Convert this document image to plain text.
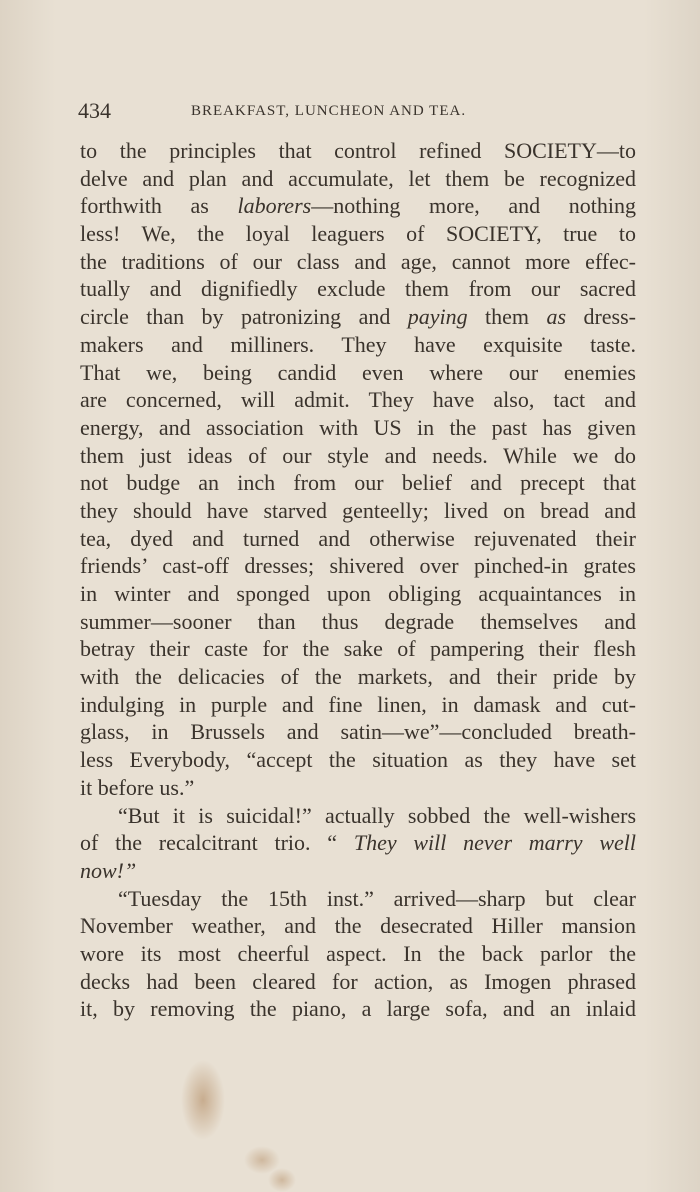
434	BREAKFAST, LUNCHEON AND TEA.
to the principles that control refined SOCIETY—to
delve and plan and accumulate, let them be recognized
forthwith as laborers—nothing more, and nothing
less! We, the loyal leaguers of SOCIETY, true to
the traditions of our class and age, cannot more effec-
tually and dignifiedly exclude them from our sacred
circle than by patronizing and paying them as dress-
makers and milliners. They have exquisite taste.
That we, being candid even where our enemies
are concerned, will admit. They have also, tact and
energy, and association with US in the past has given
them just ideas of our style and needs. While we do
not budge an inch from our belief and precept that
they should have starved genteelly; lived on bread and
tea, dyed and turned and otherwise rejuvenated their
friends’ cast-off dresses; shivered over pinched-in grates
in winter and sponged upon obliging acquaintances in
summer—sooner than thus degrade themselves and
betray their caste for the sake of pampering their flesh
with the delicacies of the markets, and their pride by
indulging in purple and fine linen, in damask and cut-
glass, in Brussels and satin—we”—concluded breath-
less Everybody, “accept the situation as they have set
it before us.”
“But it is suicidal!” actually sobbed the well-wishers
of the recalcitrant trio. “ They will never marry well
now!”
“Tuesday the 15th inst.” arrived—sharp but clear
November weather, and the desecrated Hiller mansion
wore its most cheerful aspect. In the back parlor the
decks had been cleared for action, as Imogen phrased
it, by removing the piano, a large sofa, and an inlaid
